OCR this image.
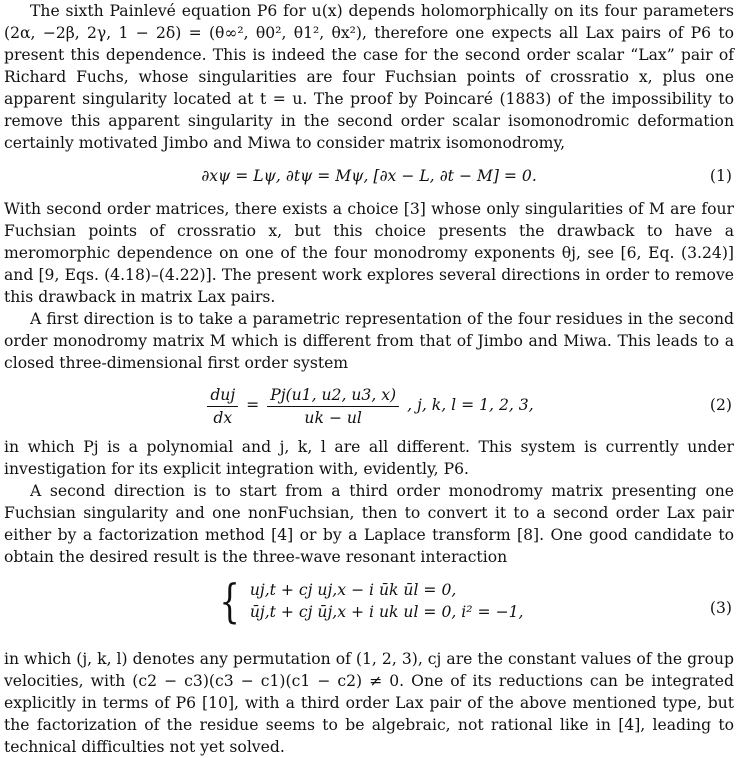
The sixth Painlevé equation P6 for u(x) depends holomorphically on its four parameters (2α, −2β, 2γ, 1 − 2δ) = (θ∞², θ0², θ1², θx²), therefore one expects all Lax pairs of P6 to present this dependence. This is indeed the case for the second order scalar “Lax” pair of Richard Fuchs, whose singularities are four Fuchsian points of crossratio x, plus one apparent singularity located at t = u. The proof by Poincaré (1883) of the impossibility to remove this apparent singularity in the second order scalar isomonodromic deformation certainly motivated Jimbo and Miwa to consider matrix isomonodromy,

∂xψ = Lψ, ∂tψ = Mψ, [∂x − L, ∂t − M] = 0.	(1)

With second order matrices, there exists a choice [3] whose only singularities of M are four Fuchsian points of crossratio x, but this choice presents the drawback to have a meromorphic dependence on one of the four monodromy exponents θj, see [6, Eq. (3.24)] and [9, Eqs. (4.18)–(4.22)]. The present work explores several directions in order to remove this drawback in matrix Lax pairs.

A first direction is to take a parametric representation of the four residues in the second order monodromy matrix M which is different from that of Jimbo and Miwa. This leads to a closed three-dimensional first order system

$\frac{\text{duj}}{dx} = \frac{Pj(u1, u2, u3, x)}{uk - ul}$ , j, k, l = 1, 2, 3,	(2)

in which Pj is a polynomial and j, k, l are all different. This system is currently under investigation for its explicit integration with, evidently, P6.

A second direction is to start from a third order monodromy matrix presenting one Fuchsian singularity and one nonFuchsian, then to convert it to a second order Lax pair either by a factorization method [4] or by a Laplace transform [8]. One good candidate to obtain the desired result is the three-wave resonant interaction

{ uj,t + cj uj,x − i ūk ūl = 0,
ūj,t + cj ūj,x + i uk ul = 0, i² = −1,	(3)

in which (j, k, l) denotes any permutation of (1, 2, 3), cj are the constant values of the group velocities, with (c2 − c3)(c3 − c1)(c1 − c2) ≠ 0. One of its reductions can be integrated explicitly in terms of P6 [10], with a third order Lax pair of the above mentioned type, but the factorization of the residue seems to be algebraic, not rational like in [4], leading to technical difficulties not yet solved.
